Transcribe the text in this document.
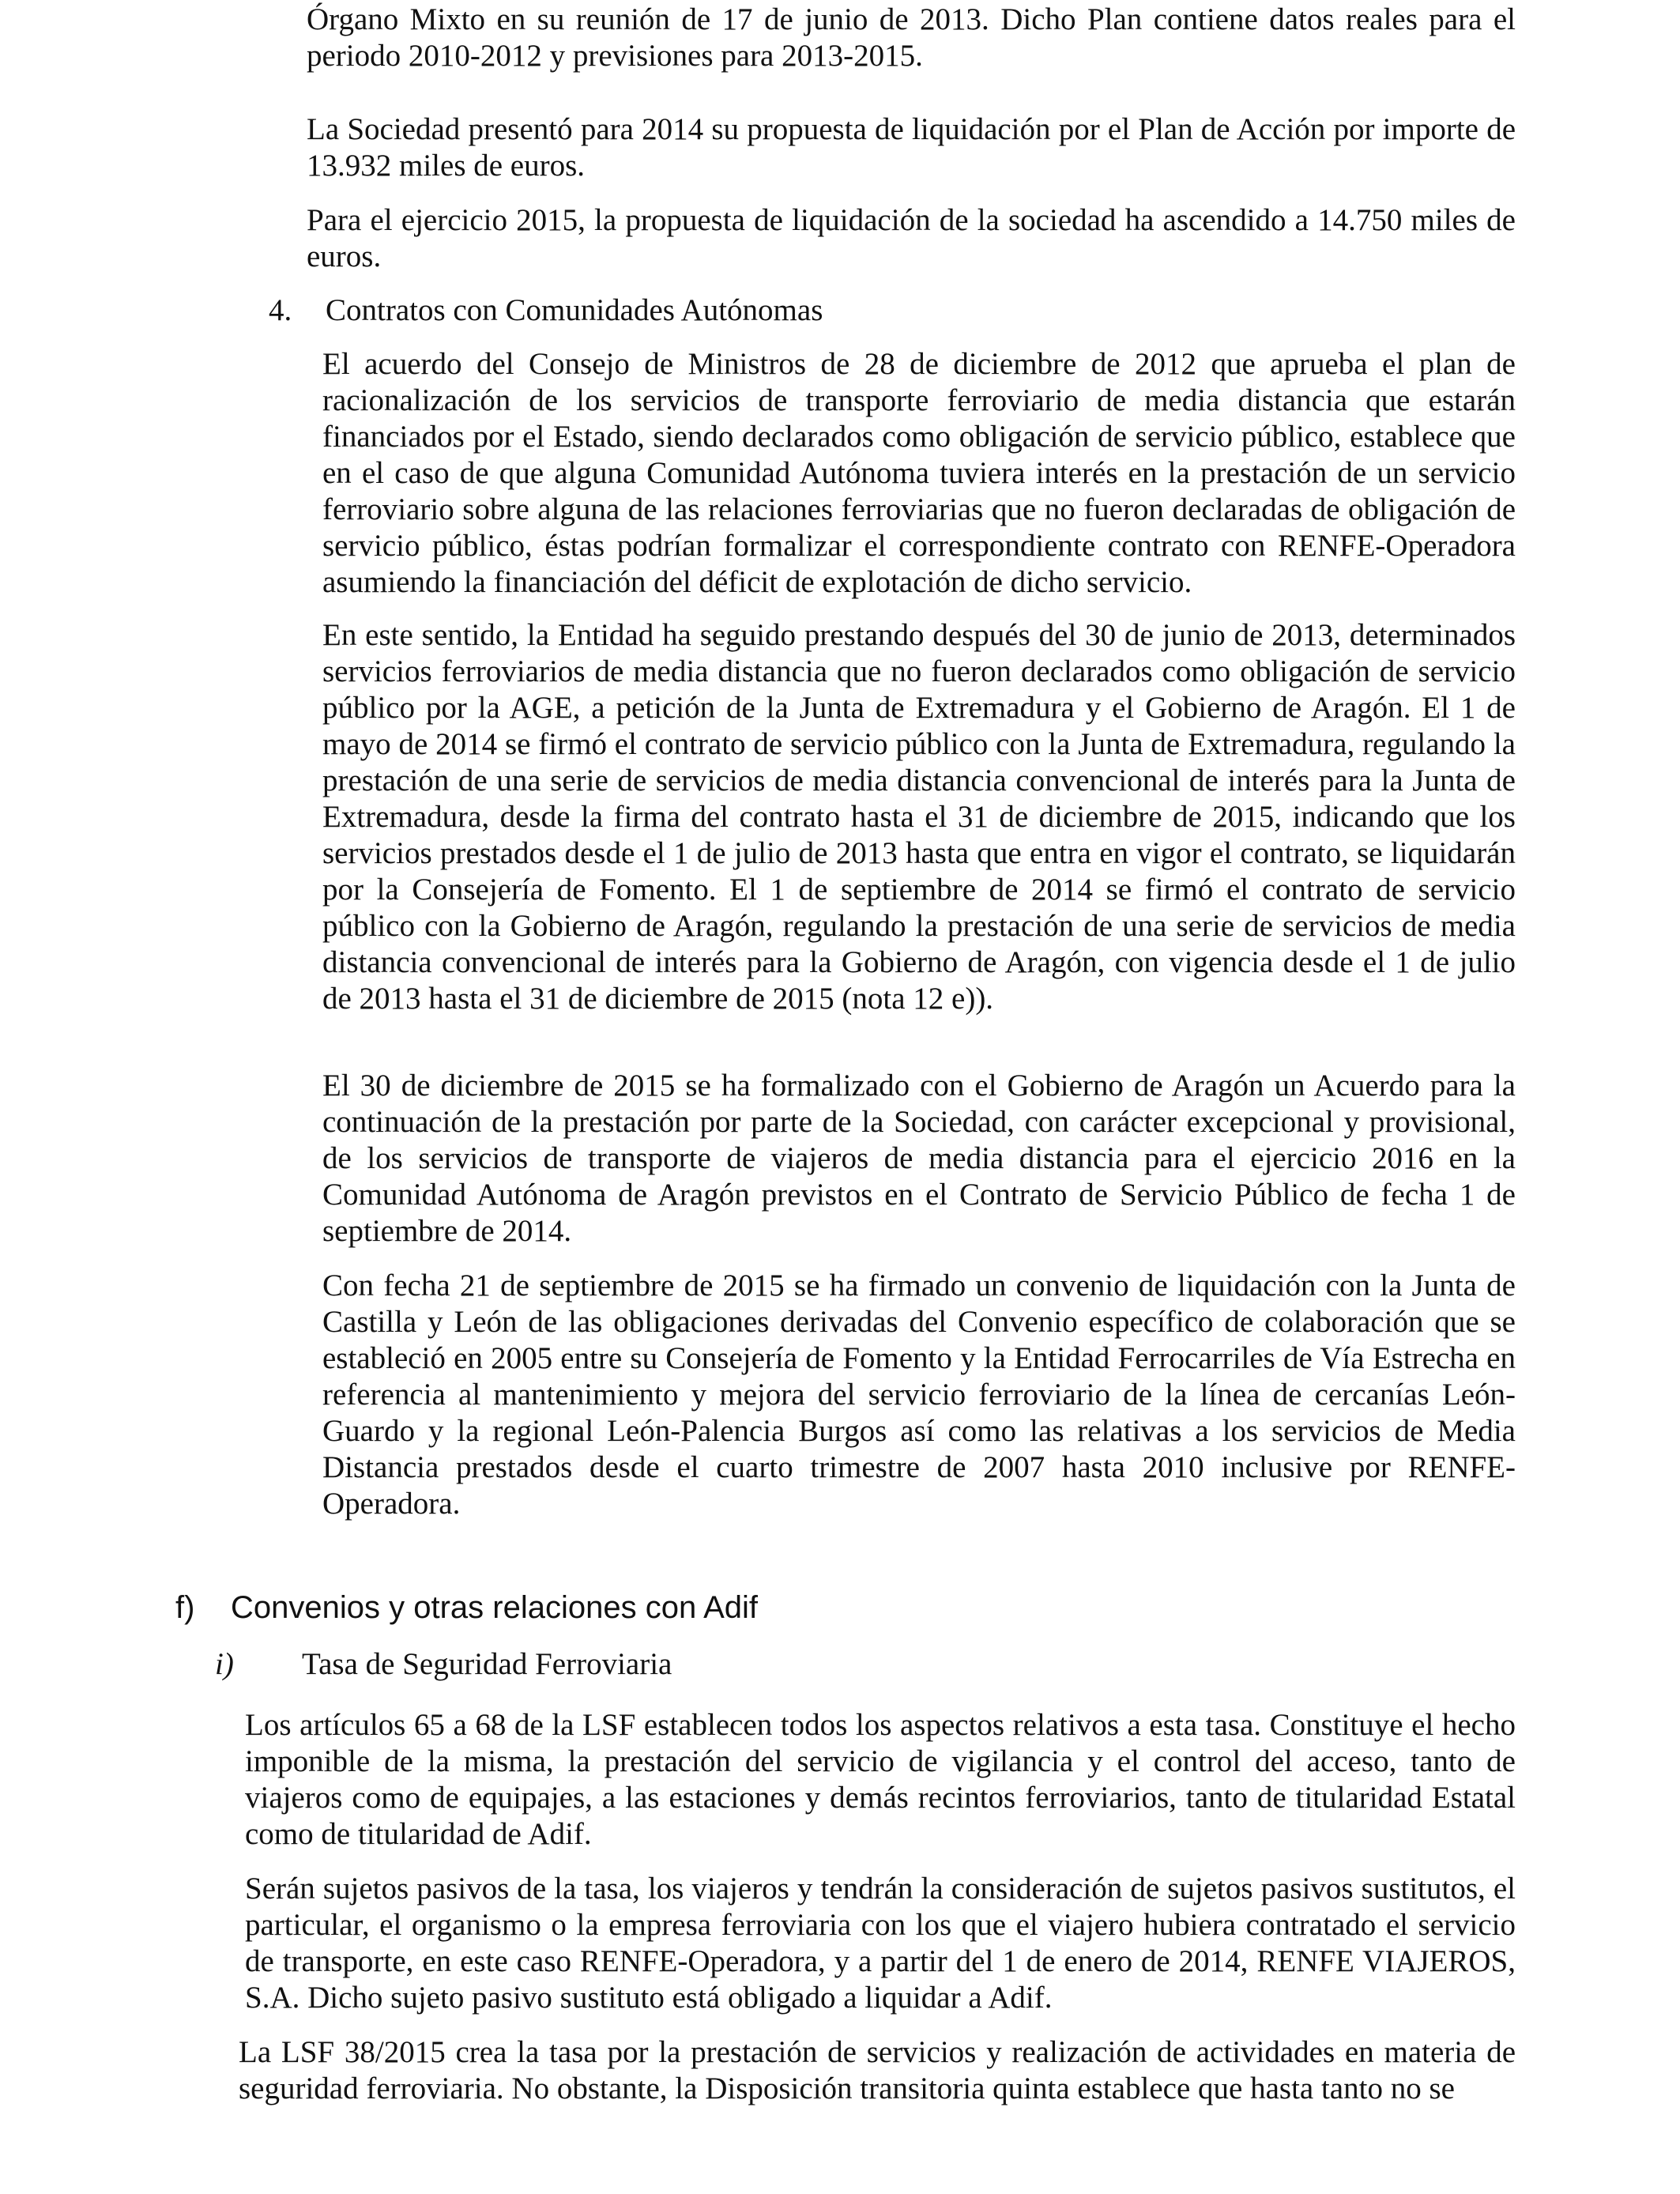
Órgano Mixto en su reunión de 17 de junio de 2013. Dicho Plan contiene datos reales para el periodo 2010-2012 y previsiones para 2013-2015.

La Sociedad presentó para 2014 su propuesta de liquidación por el Plan de Acción por importe de 13.932 miles de euros.

Para el ejercicio 2015, la propuesta de liquidación de la sociedad ha ascendido a 14.750 miles de euros.

4. Contratos con Comunidades Autónomas

El acuerdo del Consejo de Ministros de 28 de diciembre de 2012 que aprueba el plan de racionalización de los servicios de transporte ferroviario de media distancia que estarán financiados por el Estado, siendo declarados como obligación de servicio público, establece que en el caso de que alguna Comunidad Autónoma tuviera interés en la prestación de un servicio ferroviario sobre alguna de las relaciones ferroviarias que no fueron declaradas de obligación de servicio público, éstas podrían formalizar el correspondiente contrato con RENFE-Operadora asumiendo la financiación del déficit de explotación de dicho servicio.

En este sentido, la Entidad ha seguido prestando después del 30 de junio de 2013, determinados servicios ferroviarios de media distancia que no fueron declarados como obligación de servicio público por la AGE, a petición de la Junta de Extremadura y el Gobierno de Aragón. El 1 de mayo de 2014 se firmó el contrato de servicio público con la Junta de Extremadura, regulando la prestación de una serie de servicios de media distancia convencional de interés para la Junta de Extremadura, desde la firma del contrato hasta el 31 de diciembre de 2015, indicando que los servicios prestados desde el 1 de julio de 2013 hasta que entra en vigor el contrato, se liquidarán por la Consejería de Fomento. El 1 de septiembre de 2014 se firmó el contrato de servicio público con la Gobierno de Aragón, regulando la prestación de una serie de servicios de media distancia convencional de interés para la Gobierno de Aragón, con vigencia desde el 1 de julio de 2013 hasta el 31 de diciembre de 2015 (nota 12 e)).

El 30 de diciembre de 2015 se ha formalizado con el Gobierno de Aragón un Acuerdo para la continuación de la prestación por parte de la Sociedad, con carácter excepcional y provisional, de los servicios de transporte de viajeros de media distancia para el ejercicio 2016 en la Comunidad Autónoma de Aragón previstos en el Contrato de Servicio Público de fecha 1 de septiembre de 2014.

Con fecha 21 de septiembre de 2015 se ha firmado un convenio de liquidación con la Junta de Castilla y León de las obligaciones derivadas del Convenio específico de colaboración que se estableció en 2005 entre su Consejería de Fomento y la Entidad Ferrocarriles de Vía Estrecha en referencia al mantenimiento y mejora del servicio ferroviario de la línea de cercanías León-Guardo y la regional León-Palencia Burgos así como las relativas a los servicios de Media Distancia prestados desde el cuarto trimestre de 2007 hasta 2010 inclusive por RENFE-Operadora.

f) Convenios y otras relaciones con Adif
i) Tasa de Seguridad Ferroviaria

Los artículos 65 a 68 de la LSF establecen todos los aspectos relativos a esta tasa. Constituye el hecho imponible de la misma, la prestación del servicio de vigilancia y el control del acceso, tanto de viajeros como de equipajes, a las estaciones y demás recintos ferroviarios, tanto de titularidad Estatal como de titularidad de Adif.

Serán sujetos pasivos de la tasa, los viajeros y tendrán la consideración de sujetos pasivos sustitutos, el particular, el organismo o la empresa ferroviaria con los que el viajero hubiera contratado el servicio de transporte, en este caso RENFE-Operadora, y a partir del 1 de enero de 2014, RENFE VIAJEROS, S.A. Dicho sujeto pasivo sustituto está obligado a liquidar a Adif.

La LSF 38/2015 crea la tasa por la prestación de servicios y realización de actividades en materia de seguridad ferroviaria. No obstante, la Disposición transitoria quinta establece que hasta tanto no se
